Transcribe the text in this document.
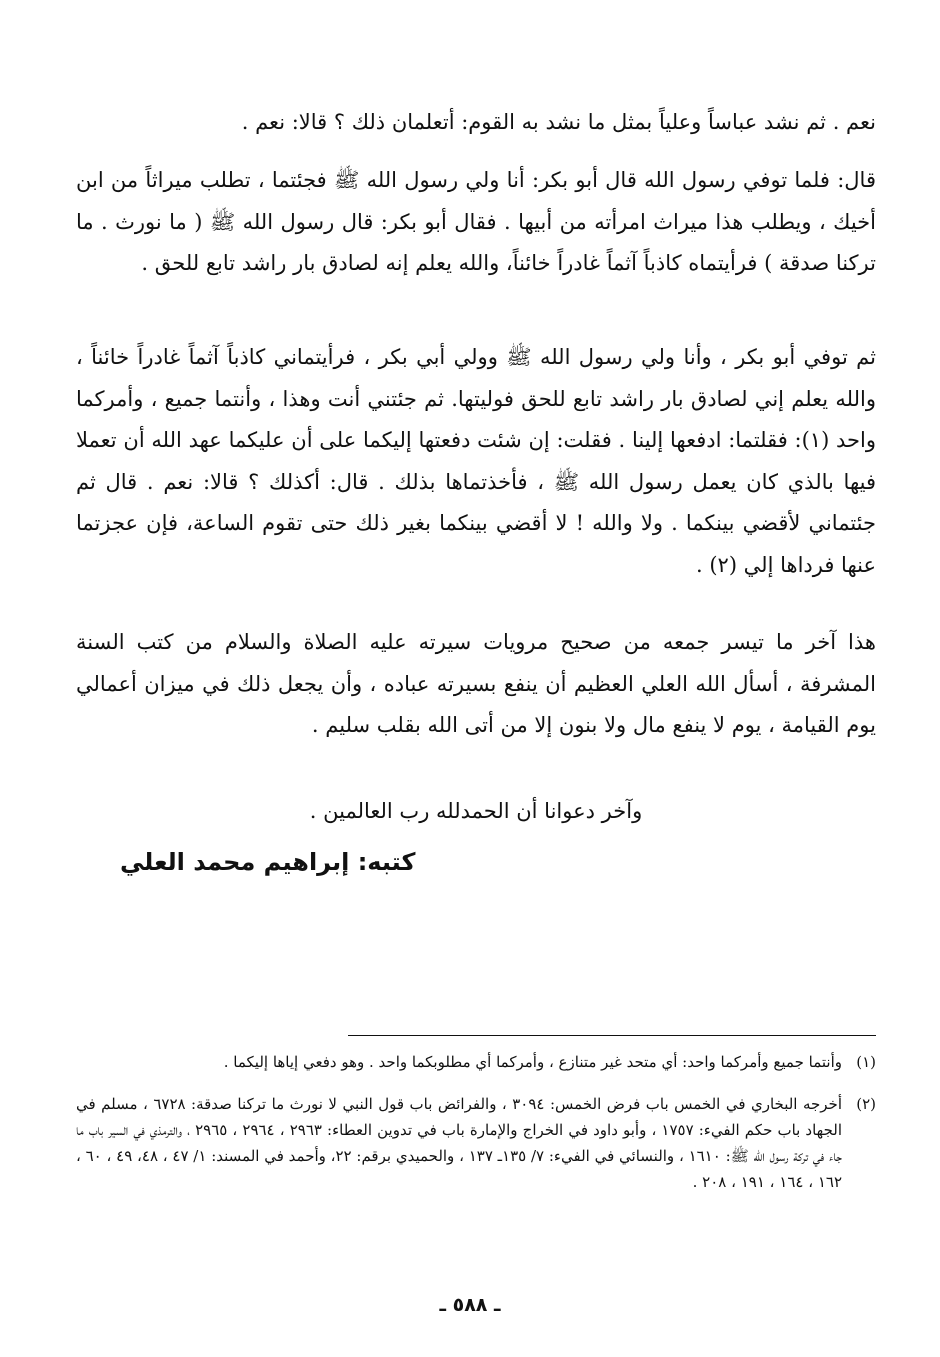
نعم . ثم نشد عباساً وعلياً بمثل ما نشد به القوم: أتعلمان ذلك ؟ قالا: نعم .

قال: فلما توفي رسول الله قال أبو بكر: أنا ولي رسول الله ﷺ فجئتما ، تطلب ميراثاً من ابن أخيك ، ويطلب هذا ميراث امرأته من أبيها . فقال أبو بكر: قال رسول الله ﷺ ( ما نورث . ما تركنا صدقة ) فرأيتماه كاذباً آثماً غادراً خائناً، والله يعلم إنه لصادق بار راشد تابع للحق .

ثم توفي أبو بكر ، وأنا ولي رسول الله ﷺ وولي أبي بكر ، فرأيتماني كاذباً آثماً غادراً خائناً ، والله يعلم إني لصادق بار راشد تابع للحق فوليتها. ثم جئتني أنت وهذا ، وأنتما جميع ، وأمركما واحد (١): فقلتما: ادفعها إلينا . فقلت: إن شئت دفعتها إليكما على أن عليكما عهد الله أن تعملا فيها بالذي كان يعمل رسول الله ﷺ ، فأخذتماها بذلك . قال: أكذلك ؟ قالا: نعم . قال ثم جئتماني لأقضي بينكما . ولا والله ! لا أقضي بينكما بغير ذلك حتى تقوم الساعة، فإن عجزتما عنها فرداها إلي (٢) .

هذا آخر ما تيسر جمعه من صحيح مرويات سيرته عليه الصلاة والسلام من كتب السنة المشرفة ، أسأل الله العلي العظيم أن ينفع بسيرته عباده ، وأن يجعل ذلك في ميزان أعمالي يوم القيامة ، يوم لا ينفع مال ولا بنون إلا من أتى الله بقلب سليم .

وآخر دعوانا أن الحمدلله رب العالمين .

كتبه: إبراهيم محمد العلي

(١)
وأنتما جميع وأمركما واحد: أي متحد غير متنازع ، وأمركما أي مطلوبكما واحد . وهو دفعي إياها إليكما .

(٢)
أخرجه البخاري في الخمس باب فرض الخمس: ٣٠٩٤ ، والفرائض باب قول النبي لا نورث ما تركنا صدقة: ٦٧٢٨ ، مسلم في الجهاد باب حكم الفيء: ١٧٥٧ ، وأبو داود في الخراج والإمارة باب في تدوين العطاء: ٢٩٦٣ ، ٢٩٦٤ ، ٢٩٦٥ ، والترمذي في السير باب ما جاء في تركة رسول الله ﷺ: ١٦١٠ ، والنسائي في الفيء: ٧/ ١٣٥ـ ١٣٧ ، والحميدي برقم: ٢٢، وأحمد في المسند: ١/ ٤٧ ، ٤٨، ٤٩ ، ٦٠ ، ١٦٢ ، ١٦٤ ، ١٩١ ، ٢٠٨ .

ـ ٥٨٨ ـ
